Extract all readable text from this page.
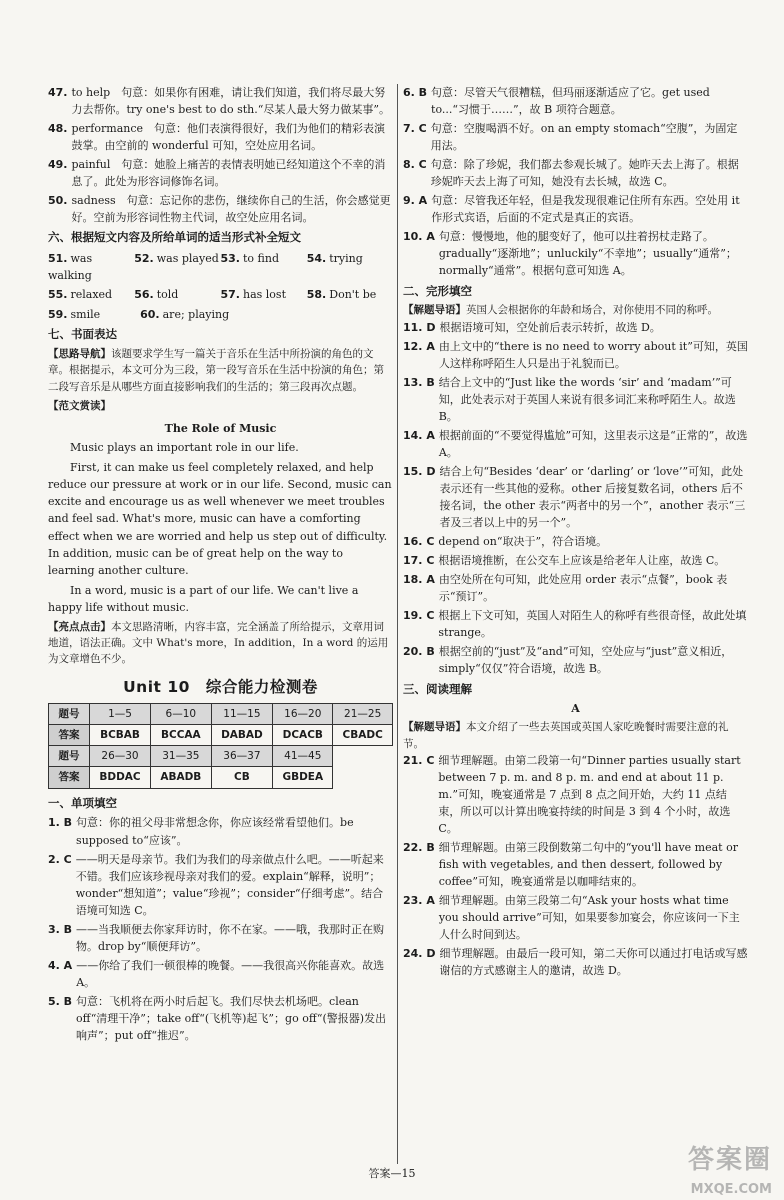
47. to help　句意：如果你有困难，请让我们知道，我们将尽最大努力去帮你。try one's best to do sth.“尽某人最大努力做某事”。
48. performance　句意：他们表演得很好，我们为他们的精彩表演鼓掌。由空前的 wonderful 可知，空处应用名词。
49. painful　句意：她脸上痛苦的表情表明她已经知道这个不幸的消息了。此处为形容词修饰名词。
50. sadness　句意：忘记你的悲伤，继续你自己的生活，你会感觉更好。空前为形容词性物主代词，故空处应用名词。
六、根据短文内容及所给单词的适当形式补全短文
51. was walking
52. was played 53. to find	54. trying
55. relaxed	56. told	57. has lost	58. Don't be
59. smile	60. are; playing
七、书面表达
【思路导航】该题要求学生写一篇关于音乐在生活中所扮演的角色的文章。根据提示，本文可分为三段，第一段写音乐在生活中扮演的角色；第二段写音乐是从哪些方面直接影响我们的生活的；第三段再次点题。
【范文赏读】
The Role of Music

Music plays an important role in our life.

First, it can make us feel completely relaxed, and help reduce our pressure at work or in our life. Second, music can excite and encourage us as well whenever we meet troubles and feel sad. What's more, music can have a comforting effect when we are worried and help us step out of difficulty. In addition, music can be of great help on the way to learning another culture.

In a word, music is a part of our life. We can't live a happy life without music.

【亮点点击】本文思路清晰，内容丰富，完全涵盖了所给提示，文章用词地道，语法正确。文中 What's more，In addition，In a word 的运用为文章增色不少。
Unit 10　综合能力检测卷
题号	1—5	6—10	11—15	16—20	21—25
答案	BCBAB	BCCAA	DABAD	DCACB	CBADC
题号	26—30	31—35	36—37	41—45	
答案	BDDAC	ABADB	CB	GBDEA	
一、单项填空
1. B 句意：你的祖父母非常想念你，你应该经常看望他们。be supposed to“应该”。
2. C ——明天是母亲节。我们为我们的母亲做点什么吧。——听起来不错。我们应该珍视母亲对我们的爱。explain“解释，说明”；wonder“想知道”；value“珍视”；consider“仔细考虑”。结合语境可知选 C。
3. B ——当我顺便去你家拜访时，你不在家。——哦，我那时正在购物。drop by“顺便拜访”。
4. A ——你给了我们一顿很棒的晚餐。——我很高兴你能喜欢。故选 A。
5. B 句意：飞机将在两小时后起飞。我们尽快去机场吧。clean off“清理干净”；take off“(飞机等)起飞”；go off“(警报器)发出响声”；put off“推迟”。
6. B 句意：尽管天气很糟糕，但玛丽逐渐适应了它。get used to...“习惯于……”，故 B 项符合题意。
7. C 句意：空腹喝酒不好。on an empty stomach“空腹”，为固定用法。
8. C 句意：除了珍妮，我们都去参观长城了。她昨天去上海了。根据珍妮昨天去上海了可知，她没有去长城，故选 C。
9. A 句意：尽管我还年轻，但是我发现很难记住所有东西。空处用 it 作形式宾语，后面的不定式是真正的宾语。
10. A 句意：慢慢地，他的腿变好了，他可以拄着拐杖走路了。gradually“逐渐地”；unluckily“不幸地”；usually“通常”；normally“通常”。根据句意可知选 A。
二、完形填空
【解题导语】英国人会根据你的年龄和场合，对你使用不同的称呼。
11. D 根据语境可知，空处前后表示转折，故选 D。
12. A 由上文中的“there is no need to worry about it”可知，英国人这样称呼陌生人只是出于礼貌而已。
13. B 结合上文中的“Just like the words ‘sir’ and ‘madam’”可知，此处表示对于英国人来说有很多词汇来称呼陌生人。故选 B。
14. A 根据前面的“不要觉得尴尬”可知，这里表示这是“正常的”，故选 A。
15. D 结合上句“Besides ‘dear’ or ‘darling’ or ‘love’”可知，此处表示还有一些其他的爱称。other 后接复数名词，others 后不接名词，the other 表示“两者中的另一个”，another 表示“三者及三者以上中的另一个”。
16. C depend on“取决于”，符合语境。
17. C 根据语境推断，在公交车上应该是给老年人让座，故选 C。
18. A 由空处所在句可知，此处应用 order 表示“点餐”，book 表示“预订”。
19. C 根据上下文可知，英国人对陌生人的称呼有些很奇怪，故此处填 strange。
20. B 根据空前的“just”及“and”可知，空处应与“just”意义相近，simply“仅仅”符合语境，故选 B。
三、阅读理解
A
【解题导语】本文介绍了一些去英国或英国人家吃晚餐时需要注意的礼节。
21. C 细节理解题。由第二段第一句“Dinner parties usually start between 7 p. m. and 8 p. m. and end at about 11 p. m.”可知，晚宴通常是 7 点到 8 点之间开始，大约 11 点结束，所以可以计算出晚宴持续的时间是 3 到 4 个小时，故选 C。
22. B 细节理解题。由第三段倒数第二句中的“you'll have meat or fish with vegetables, and then dessert, followed by coffee”可知，晚宴通常是以咖啡结束的。
23. A 细节理解题。由第三段第二句“Ask your hosts what time you should arrive”可知，如果要参加宴会，你应该问一下主人什么时间到达。
24. D 细节理解题。由最后一段可知，第二天你可以通过打电话或写感谢信的方式感谢主人的邀请，故选 D。
答案—15	答案圈
MXQE.COM
